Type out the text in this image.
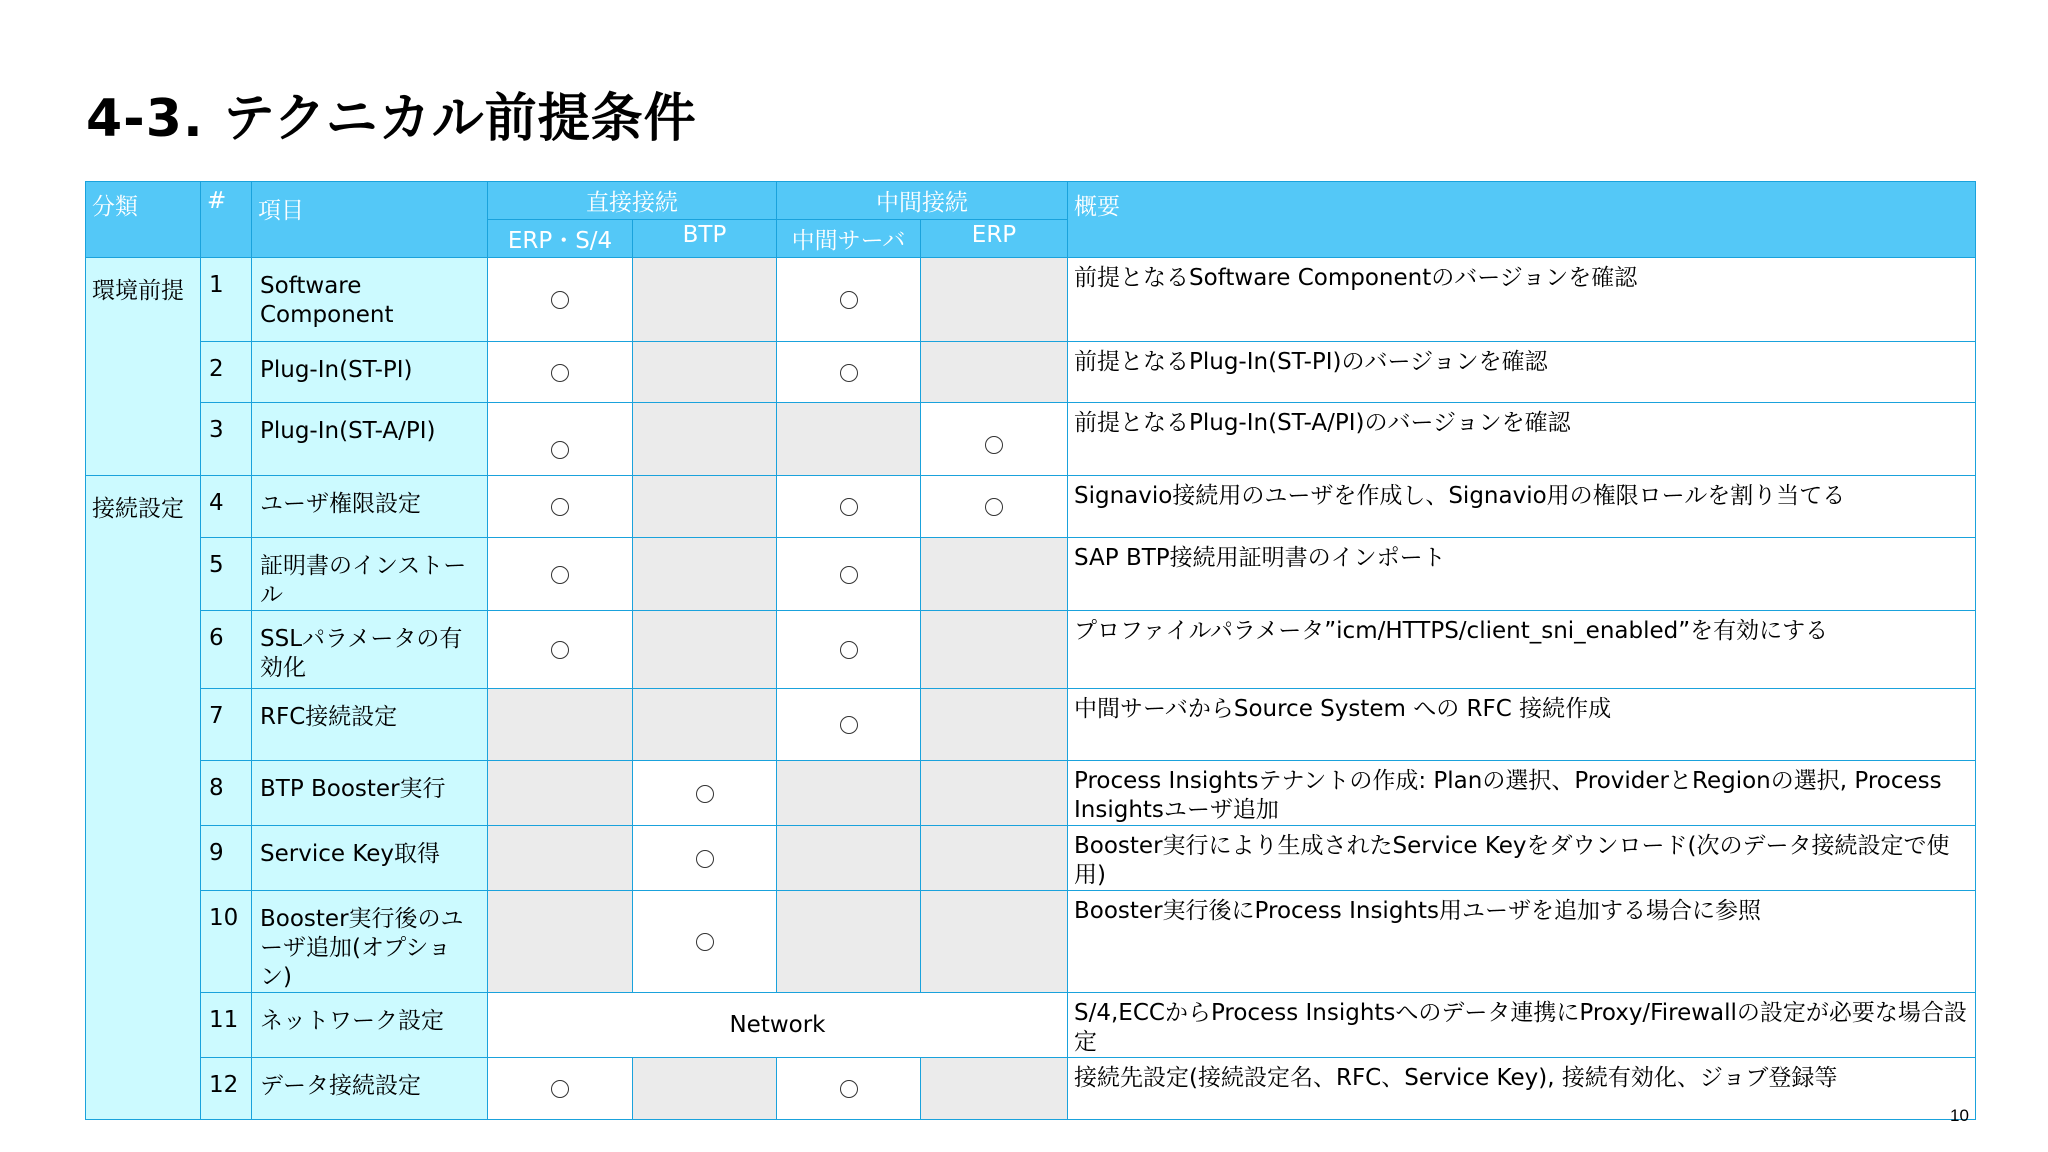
4-3. テクニカル前提条件
分類	#	項目	直接接続		中間接続		概要
			ERP・S/4	BTP	中間サーバ	ERP	
環境前提	1	Software Component					前提となるSoftware Componentのバージョンを確認
	2	Plug-In(ST-PI)					前提となるPlug-In(ST-PI)のバージョンを確認
	3	Plug-In(ST-A/PI)					前提となるPlug-In(ST-A/PI)のバージョンを確認
接続設定	4	ユーザ権限設定					Signavio接続用のユーザを作成し、Signavio用の権限ロールを割り当てる
	5	証明書のインストール					SAP BTP接続用証明書のインポート
	6	SSLパラメータの有効化					プロファイルパラメータ”icm/HTTPS/client_sni_enabled”を有効にする
	7	RFC接続設定					中間サーバからSource System への RFC 接続作成
	8	BTP Booster実行					Process Insightsテナントの作成: Planの選択、ProviderとRegionの選択, Process Insightsユーザ追加
	9	Service Key取得					Booster実行により生成されたService Keyをダウンロード(次のデータ接続設定で使用)
	10	Booster実行後のユーザ追加(オプション)					Booster実行後にProcess Insights用ユーザを追加する場合に参照
	11	ネットワーク設定	Network				S/4,ECCからProcess Insightsへのデータ連携にProxy/Firewallの設定が必要な場合設定
	12	データ接続設定					接続先設定(接続設定名、RFC、Service Key), 接続有効化、ジョブ登録等
10
